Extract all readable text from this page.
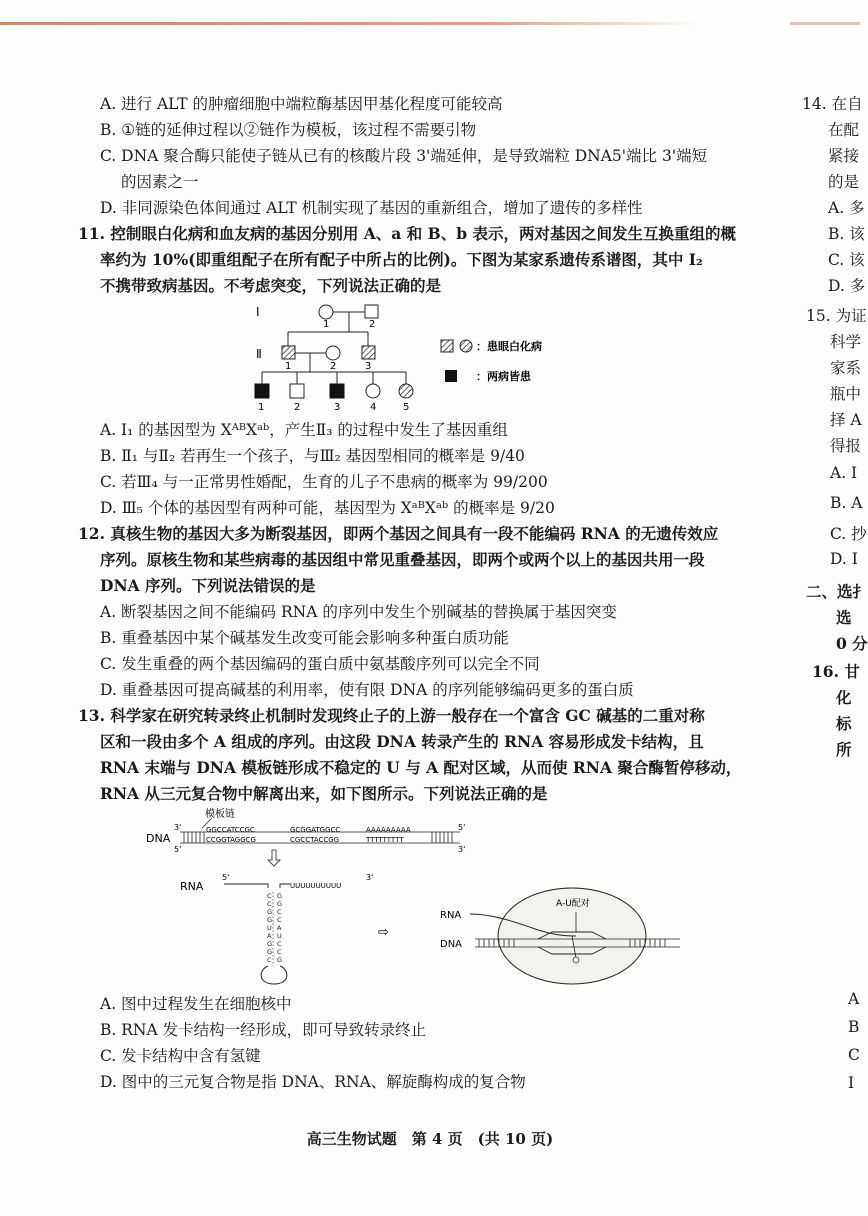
A. 进行 ALT 的肿瘤细胞中端粒酶基因甲基化程度可能较高
B. ①链的延伸过程以②链作为模板，该过程不需要引物
C. DNA 聚合酶只能使子链从已有的核酸片段 3'端延伸，是导致端粒 DNA5'端比 3'端短
的因素之一
D. 非同源染色体间通过 ALT 机制实现了基因的重新组合，增加了遗传的多样性
11. 控制眼白化病和血友病的基因分别用 A、a 和 B、b 表示，两对基因之间发生互换重组的概
率约为 10%(即重组配子在所有配子中所占的比例)。下图为某家系遗传系谱图，其中 Ⅰ₂
不携带致病基因。不考虑突变，下列说法正确的是
Ⅰ
Ⅱ
1	2
1	2	3
1	2	3	4	5
：患眼白化病
：两病皆患
A. Ⅰ₁ 的基因型为 XᴬᴮXᵃᵇ，产生Ⅱ₃ 的过程中发生了基因重组
B. Ⅱ₁ 与Ⅱ₂ 若再生一个孩子，与Ⅲ₂ 基因型相同的概率是 9/40
C. 若Ⅲ₄ 与一正常男性婚配，生育的儿子不患病的概率为 99/200
D. Ⅲ₅ 个体的基因型有两种可能，基因型为 XᵃᴮXᵃᵇ 的概率是 9/20
12. 真核生物的基因大多为断裂基因，即两个基因之间具有一段不能编码 RNA 的无遗传效应
序列。原核生物和某些病毒的基因组中常见重叠基因，即两个或两个以上的基因共用一段
DNA 序列。下列说法错误的是
A. 断裂基因之间不能编码 RNA 的序列中发生个别碱基的替换属于基因突变
B. 重叠基因中某个碱基发生改变可能会影响多种蛋白质功能
C. 发生重叠的两个基因编码的蛋白质中氨基酸序列可以完全不同
D. 重叠基因可提高碱基的利用率，使有限 DNA 的序列能够编码更多的蛋白质
13. 科学家在研究转录终止机制时发现终止子的上游一般存在一个富含 GC 碱基的二重对称
区和一段由多个 A 组成的序列。由这段 DNA 转录产生的 RNA 容易形成发卡结构，且
RNA 末端与 DNA 模板链形成不稳定的 U 与 A 配对区域，从而使 RNA 聚合酶暂停移动，
RNA 从三元复合物中解离出来，如下图所示。下列说法正确的是
模板链
DNA
3'
5'
5'
3'
GGCCATCCGC
CCGGTAGGCG
GCGGATGGCC
CGCCTACCGG
AAAAAAAAA
TTTTTTTTT
RNA
5'	3'
UUUUUUUUUU
C G
C G
G C
G C
U A
A U
G C
G C
C G
⇨
RNA
DNA
A-U配对
A. 图中过程发生在细胞核中
B. RNA 发卡结构一经形成，即可导致转录终止
C. 发卡结构中含有氢键
D. 图中的三元复合物是指 DNA、RNA、解旋酶构成的复合物
14. 在自
在配
紧接
的是
A. 多
B. 该
C. 该
D. 多
15. 为证
科学
家系
瓶中
择 A
得报
A. I
B. A
C. 抄
D. I
二、选扌
选
0 分
16. 甘
化
标
所
A
B
C
I
高三生物试题　第 4 页　(共 10 页)
